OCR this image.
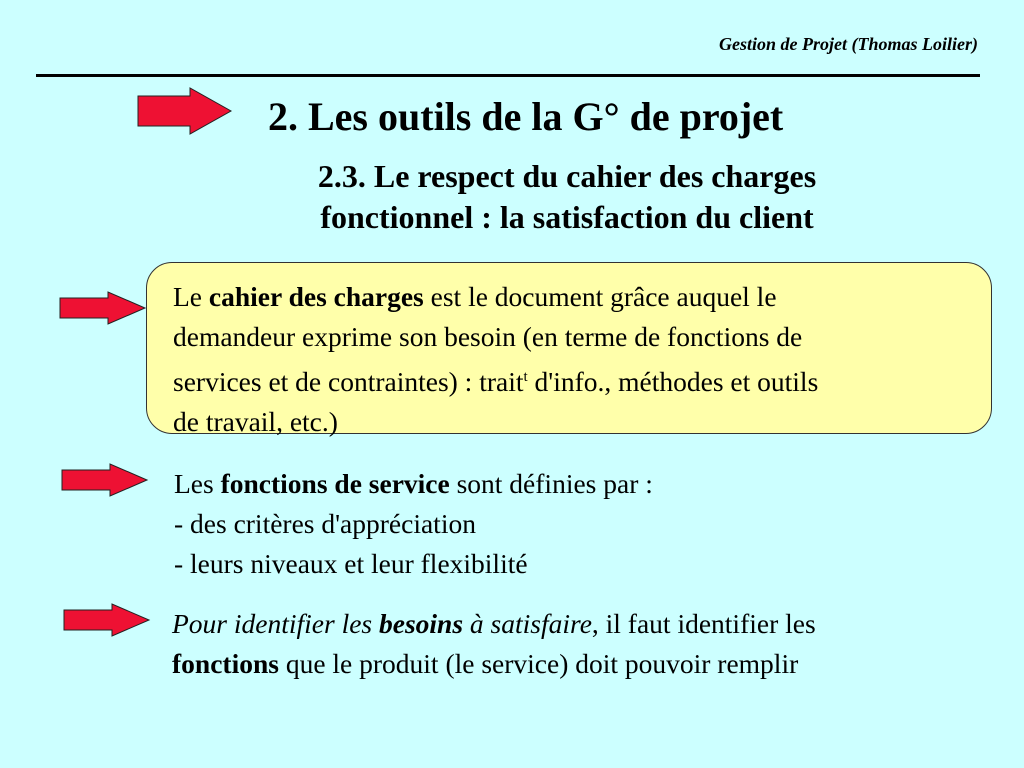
Gestion de Projet (Thomas Loilier)
2. Les outils de la G° de projet
2.3. Le respect du cahier des charges
fonctionnel : la satisfaction du client
Le cahier des charges est le document grâce auquel le
demandeur exprime son besoin (en terme de fonctions de
services et de contraintes) : trait$^t$ d'info., méthodes et outils
de travail, etc.)
Les fonctions de service sont définies par :
- des critères d'appréciation
- leurs niveaux et leur flexibilité
Pour identifier les besoins à satisfaire, il faut identifier les
fonctions que le produit (le service) doit pouvoir remplir
